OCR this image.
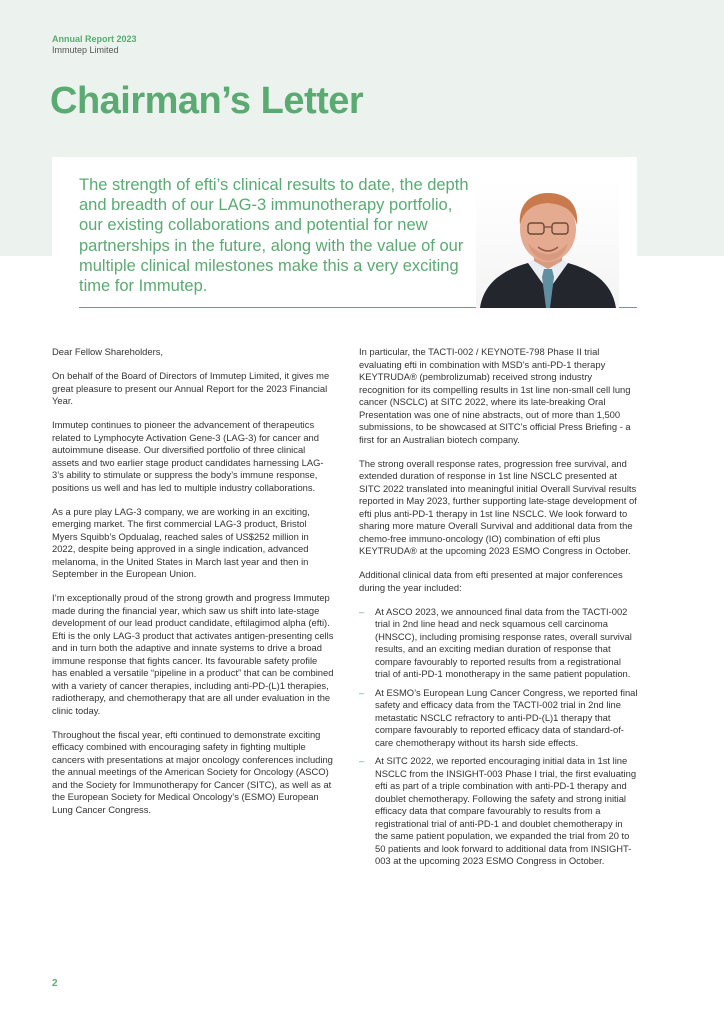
Annual Report 2023
Immutep Limited
Chairman’s Letter

The strength of efti’s clinical results to date, the depth and breadth of our LAG-3 immunotherapy portfolio, our existing collaborations and potential for new partnerships in the future, along with the value of our multiple clinical milestones make this a very exciting time for Immutep.

Dear Fellow Shareholders,

On behalf of the Board of Directors of Immutep Limited, it gives me great pleasure to present our Annual Report for the 2023 Financial Year.

Immutep continues to pioneer the advancement of therapeutics related to Lymphocyte Activation Gene-3 (LAG-3) for cancer and autoimmune disease. Our diversified portfolio of three clinical assets and two earlier stage product candidates harnessing LAG-3’s ability to stimulate or suppress the body’s immune response, positions us well and has led to multiple industry collaborations.

As a pure play LAG-3 company, we are working in an exciting, emerging market. The first commercial LAG-3 product, Bristol Myers Squibb’s Opdualag, reached sales of US$252 million in 2022, despite being approved in a single indication, advanced melanoma, in the United States in March last year and then in September in the European Union.

I’m exceptionally proud of the strong growth and progress Immutep made during the financial year, which saw us shift into late-stage development of our lead product candidate, eftilagimod alpha (efti). Efti is the only LAG-3 product that activates antigen-presenting cells and in turn both the adaptive and innate systems to drive a broad immune response that fights cancer. Its favourable safety profile has enabled a versatile “pipeline in a product” that can be combined with a variety of cancer therapies, including anti-PD-(L)1 therapies, radiotherapy, and chemotherapy that are all under evaluation in the clinic today.

Throughout the fiscal year, efti continued to demonstrate exciting efficacy combined with encouraging safety in fighting multiple cancers with presentations at major oncology conferences including the annual meetings of the American Society for Oncology (ASCO) and the Society for Immunotherapy for Cancer (SITC), as well as at the European Society for Medical Oncology’s (ESMO) European Lung Cancer Congress.

In particular, the TACTI-002 / KEYNOTE-798 Phase II trial evaluating efti in combination with MSD’s anti-PD-1 therapy KEYTRUDA® (pembrolizumab) received strong industry recognition for its compelling results in 1st line non-small cell lung cancer (NSCLC) at SITC 2022, where its late-breaking Oral Presentation was one of nine abstracts, out of more than 1,500 submissions, to be showcased at SITC’s official Press Briefing - a first for an Australian biotech company.

The strong overall response rates, progression free survival, and extended duration of response in 1st line NSCLC presented at SITC 2022 translated into meaningful initial Overall Survival results reported in May 2023, further supporting late-stage development of efti plus anti-PD-1 therapy in 1st line NSCLC. We look forward to sharing more mature Overall Survival and additional data from the chemo-free immuno-oncology (IO) combination of efti plus KEYTRUDA® at the upcoming 2023 ESMO Congress in October.

Additional clinical data from efti presented at major conferences during the year included:

– At ASCO 2023, we announced final data from the TACTI-002 trial in 2nd line head and neck squamous cell carcinoma (HNSCC), including promising response rates, overall survival results, and an exciting median duration of response that compare favourably to reported results from a registrational trial of anti-PD-1 monotherapy in the same patient population.
– At ESMO’s European Lung Cancer Congress, we reported final safety and efficacy data from the TACTI-002 trial in 2nd line metastatic NSCLC refractory to anti-PD-(L)1 therapy that compare favourably to reported efficacy data of standard-of-care chemotherapy without its harsh side effects.
– At SITC 2022, we reported encouraging initial data in 1st line NSCLC from the INSIGHT-003 Phase I trial, the first evaluating efti as part of a triple combination with anti-PD-1 therapy and doublet chemotherapy. Following the safety and strong initial efficacy data that compare favourably to results from a registrational trial of anti-PD-1 and doublet chemotherapy in the same patient population, we expanded the trial from 20 to 50 patients and look forward to additional data from INSIGHT-003 at the upcoming 2023 ESMO Congress in October.
2
